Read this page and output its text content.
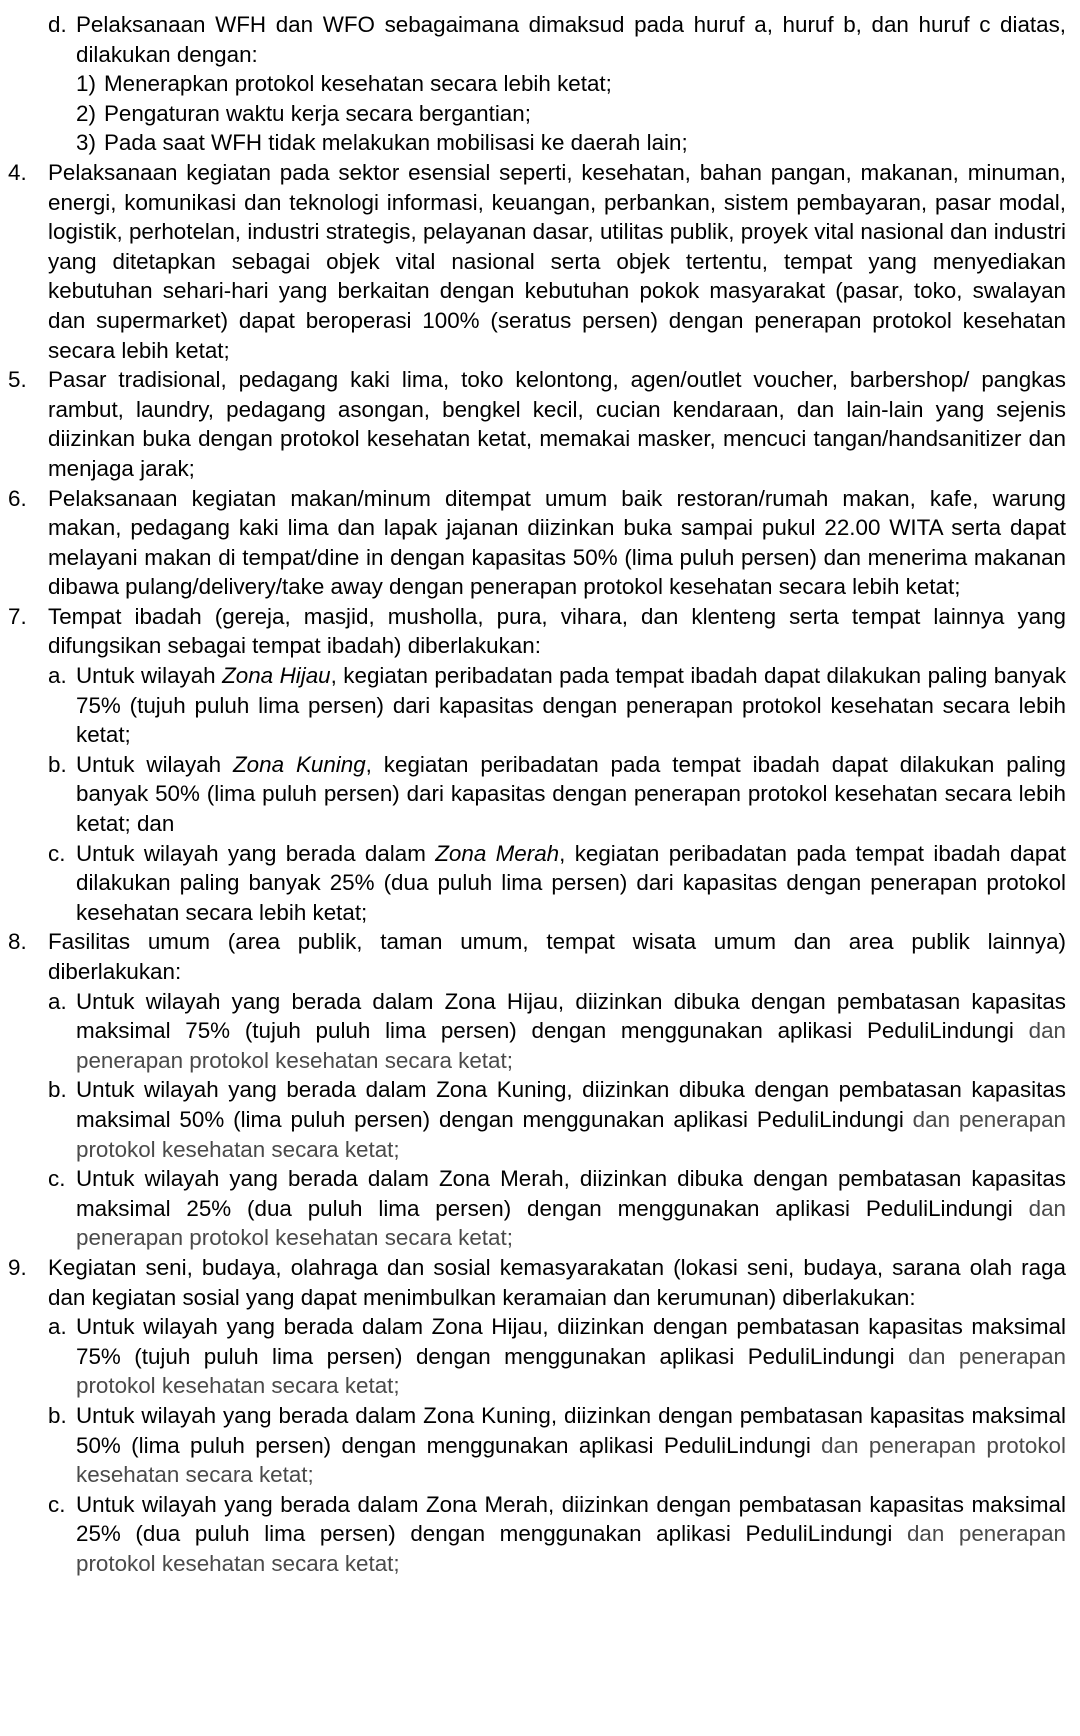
d. Pelaksanaan WFH dan WFO sebagaimana dimaksud pada huruf a, huruf b, dan huruf c diatas, dilakukan dengan:
1) Menerapkan protokol kesehatan secara lebih ketat;
2) Pengaturan waktu kerja secara bergantian;
3) Pada saat WFH tidak melakukan mobilisasi ke daerah lain;
4. Pelaksanaan kegiatan pada sektor esensial seperti, kesehatan, bahan pangan, makanan, minuman, energi, komunikasi dan teknologi informasi, keuangan, perbankan, sistem pembayaran, pasar modal, logistik, perhotelan, industri strategis, pelayanan dasar, utilitas publik, proyek vital nasional dan industri yang ditetapkan sebagai objek vital nasional serta objek tertentu, tempat yang menyediakan kebutuhan sehari-hari yang berkaitan dengan kebutuhan pokok masyarakat (pasar, toko, swalayan dan supermarket) dapat beroperasi 100% (seratus persen) dengan penerapan protokol kesehatan secara lebih ketat;
5. Pasar tradisional, pedagang kaki lima, toko kelontong, agen/outlet voucher, barbershop/ pangkas rambut, laundry, pedagang asongan, bengkel kecil, cucian kendaraan, dan lain-lain yang sejenis diizinkan buka dengan protokol kesehatan ketat, memakai masker, mencuci tangan/handsanitizer dan menjaga jarak;
6. Pelaksanaan kegiatan makan/minum ditempat umum baik restoran/rumah makan, kafe, warung makan, pedagang kaki lima dan lapak jajanan diizinkan buka sampai pukul 22.00 WITA serta dapat melayani makan di tempat/dine in dengan kapasitas 50% (lima puluh persen) dan menerima makanan dibawa pulang/delivery/take away dengan penerapan protokol kesehatan secara lebih ketat;
7. Tempat ibadah (gereja, masjid, musholla, pura, vihara, dan klenteng serta tempat lainnya yang difungsikan sebagai tempat ibadah) diberlakukan:
a. Untuk wilayah Zona Hijau, kegiatan peribadatan pada tempat ibadah dapat dilakukan paling banyak 75% (tujuh puluh lima persen) dari kapasitas dengan penerapan protokol kesehatan secara lebih ketat;
b. Untuk wilayah Zona Kuning, kegiatan peribadatan pada tempat ibadah dapat dilakukan paling banyak 50% (lima puluh persen) dari kapasitas dengan penerapan protokol kesehatan secara lebih ketat; dan
c. Untuk wilayah yang berada dalam Zona Merah, kegiatan peribadatan pada tempat ibadah dapat dilakukan paling banyak 25% (dua puluh lima persen) dari kapasitas dengan penerapan protokol kesehatan secara lebih ketat;
8. Fasilitas umum (area publik, taman umum, tempat wisata umum dan area publik lainnya) diberlakukan:
a. Untuk wilayah yang berada dalam Zona Hijau, diizinkan dibuka dengan pembatasan kapasitas maksimal 75% (tujuh puluh lima persen) dengan menggunakan aplikasi PeduliLindungi dan penerapan protokol kesehatan secara ketat;
b. Untuk wilayah yang berada dalam Zona Kuning, diizinkan dibuka dengan pembatasan kapasitas maksimal 50% (lima puluh persen) dengan menggunakan aplikasi PeduliLindungi dan penerapan protokol kesehatan secara ketat;
c. Untuk wilayah yang berada dalam Zona Merah, diizinkan dibuka dengan pembatasan kapasitas maksimal 25% (dua puluh lima persen) dengan menggunakan aplikasi PeduliLindungi dan penerapan protokol kesehatan secara ketat;
9. Kegiatan seni, budaya, olahraga dan sosial kemasyarakatan (lokasi seni, budaya, sarana olah raga dan kegiatan sosial yang dapat menimbulkan keramaian dan kerumunan) diberlakukan:
a. Untuk wilayah yang berada dalam Zona Hijau, diizinkan dengan pembatasan kapasitas maksimal 75% (tujuh puluh lima persen) dengan menggunakan aplikasi PeduliLindungi dan penerapan protokol kesehatan secara ketat;
b. Untuk wilayah yang berada dalam Zona Kuning, diizinkan dengan pembatasan kapasitas maksimal 50% (lima puluh persen) dengan menggunakan aplikasi PeduliLindungi dan penerapan protokol kesehatan secara ketat;
c. Untuk wilayah yang berada dalam Zona Merah, diizinkan dengan pembatasan kapasitas maksimal 25% (dua puluh lima persen) dengan menggunakan aplikasi PeduliLindungi dan penerapan protokol kesehatan secara ketat;
